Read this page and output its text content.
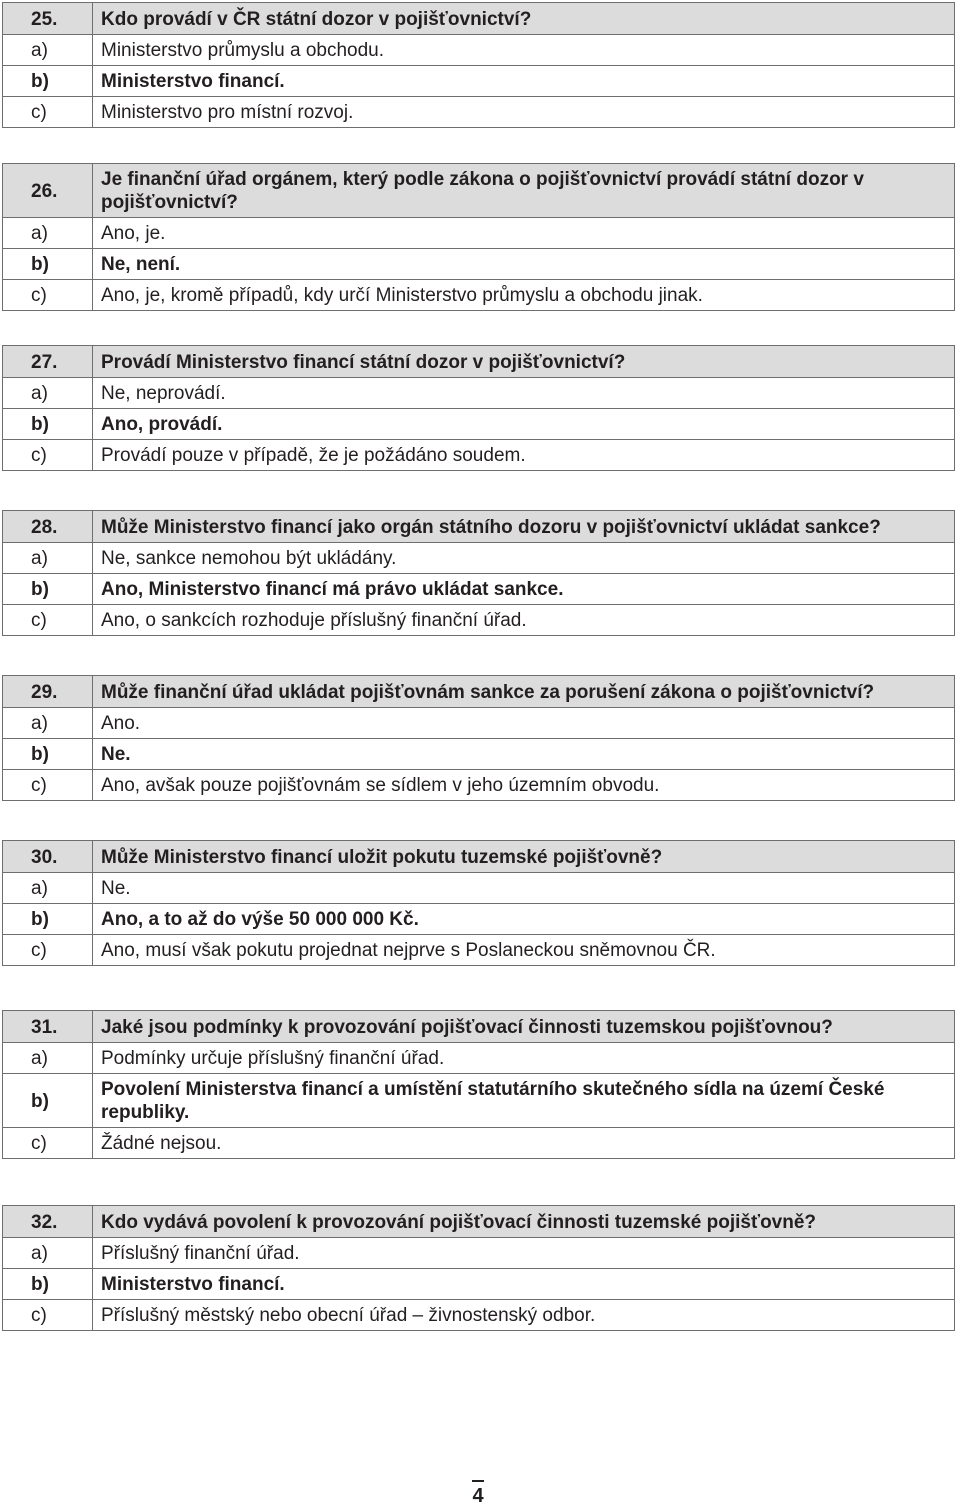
25.	Kdo provádí v ČR státní dozor v pojišťovnictví?
a)	Ministerstvo průmyslu a obchodu.
b)	Ministerstvo financí.
c)	Ministerstvo pro místní rozvoj.
26.	Je finanční úřad orgánem, který podle zákona o pojišťovnictví provádí státní dozor v pojišťovnictví?
a)	Ano, je.
b)	Ne, není.
c)	Ano, je, kromě případů, kdy určí Ministerstvo průmyslu a obchodu jinak.
27.	Provádí Ministerstvo financí státní dozor v pojišťovnictví?
a)	Ne, neprovádí.
b)	Ano, provádí.
c)	Provádí pouze v případě, že je požádáno soudem.
28.	Může Ministerstvo financí jako orgán státního dozoru v pojišťovnictví ukládat sankce?
a)	Ne, sankce nemohou být ukládány.
b)	Ano, Ministerstvo financí má právo ukládat sankce.
c)	Ano, o sankcích rozhoduje příslušný finanční úřad.
29.	Může finanční úřad ukládat pojišťovnám sankce za porušení zákona o pojišťovnictví?
a)	Ano.
b)	Ne.
c)	Ano, avšak pouze pojišťovnám se sídlem v jeho územním obvodu.
30.	Může Ministerstvo financí uložit pokutu tuzemské pojišťovně?
a)	Ne.
b)	Ano, a to až do výše 50 000 000 Kč.
c)	Ano, musí však pokutu projednat nejprve s Poslaneckou sněmovnou ČR.
31.	Jaké jsou podmínky k provozování pojišťovací činnosti tuzemskou pojišťovnou?
a)	Podmínky určuje příslušný finanční úřad.
b)	Povolení Ministerstva financí a umístění statutárního skutečného sídla na území České republiky.
c)	Žádné nejsou.
32.	Kdo vydává povolení k provozování pojišťovací činnosti tuzemské pojišťovně?
a)	Příslušný finanční úřad.
b)	Ministerstvo financí.
c)	Příslušný městský nebo obecní úřad – živnostenský odbor.
4
